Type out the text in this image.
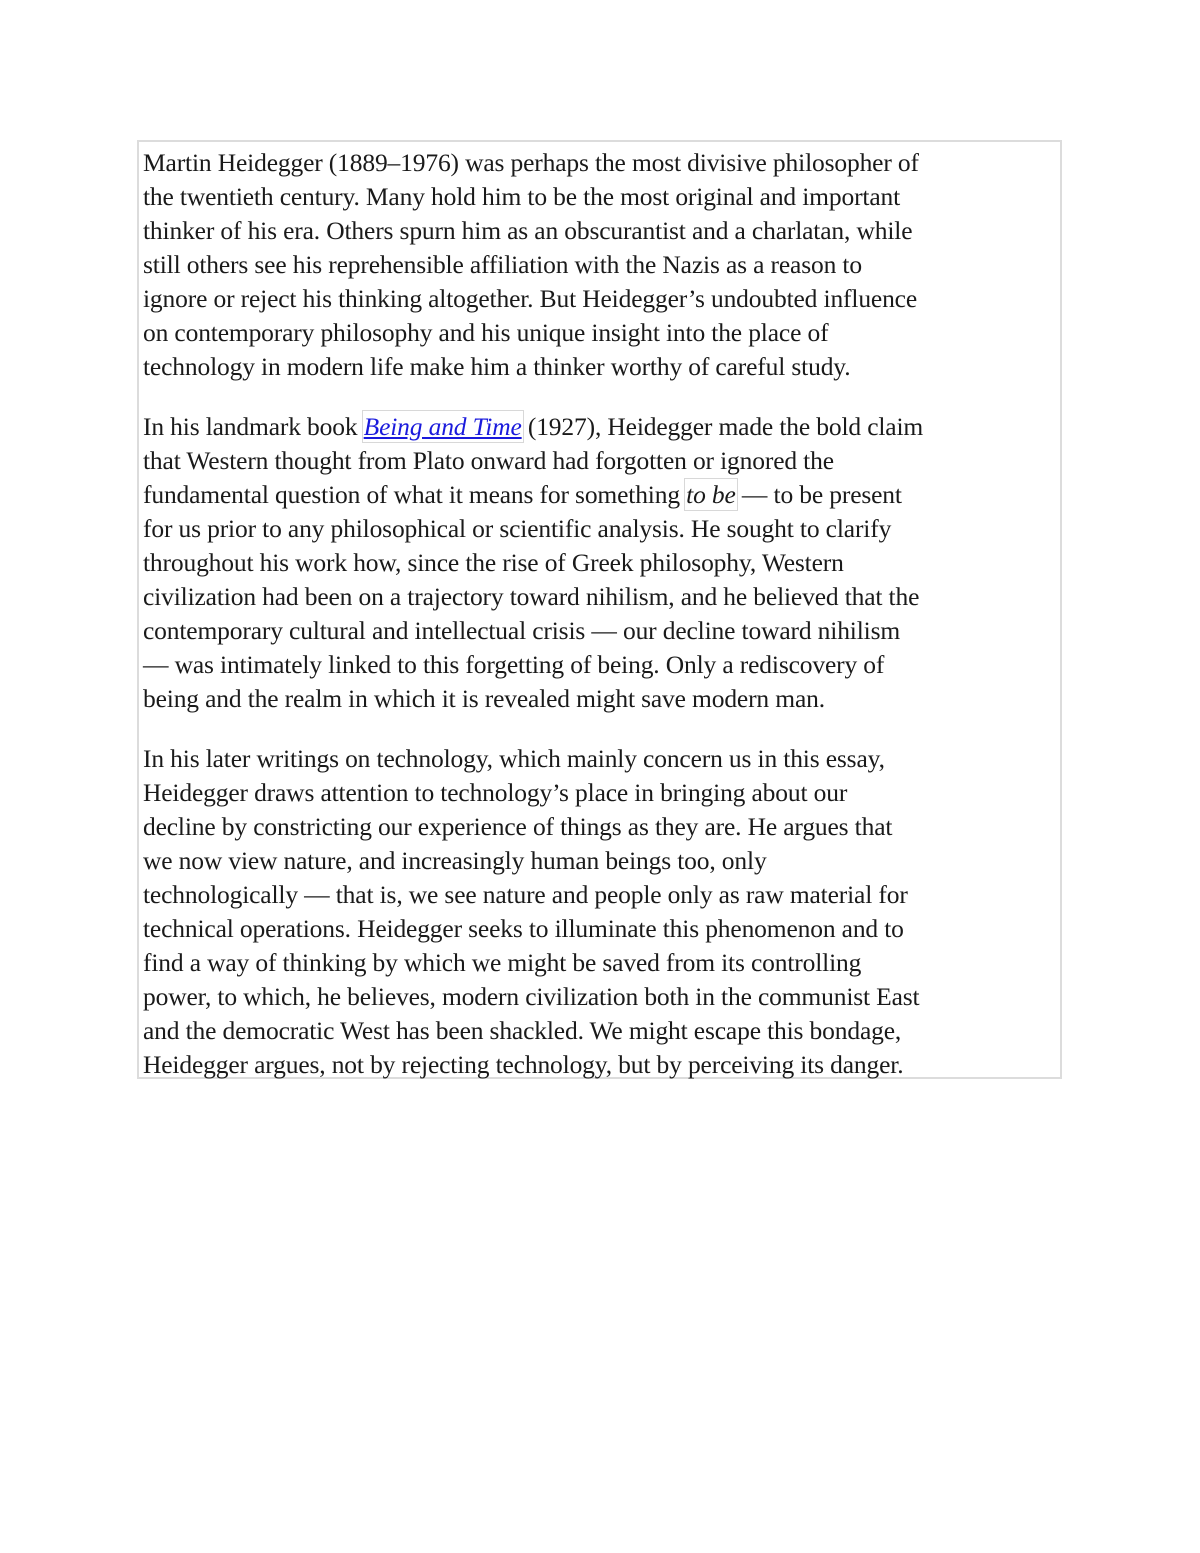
Martin Heidegger (1889–1976) was perhaps the most divisive philosopher of
the twentieth century. Many hold him to be the most original and important
thinker of his era. Others spurn him as an obscurantist and a charlatan, while
still others see his reprehensible affiliation with the Nazis as a reason to
ignore or reject his thinking altogether. But Heidegger’s undoubted influence
on contemporary philosophy and his unique insight into the place of
technology in modern life make him a thinker worthy of careful study.

In his landmark book Being and Time (1927), Heidegger made the bold claim
that Western thought from Plato onward had forgotten or ignored the
fundamental question of what it means for something to be — to be present
for us prior to any philosophical or scientific analysis. He sought to clarify
throughout his work how, since the rise of Greek philosophy, Western
civilization had been on a trajectory toward nihilism, and he believed that the
contemporary cultural and intellectual crisis — our decline toward nihilism
— was intimately linked to this forgetting of being. Only a rediscovery of
being and the realm in which it is revealed might save modern man.

In his later writings on technology, which mainly concern us in this essay,
Heidegger draws attention to technology’s place in bringing about our
decline by constricting our experience of things as they are. He argues that
we now view nature, and increasingly human beings too, only
technologically — that is, we see nature and people only as raw material for
technical operations. Heidegger seeks to illuminate this phenomenon and to
find a way of thinking by which we might be saved from its controlling
power, to which, he believes, modern civilization both in the communist East
and the democratic West has been shackled. We might escape this bondage,
Heidegger argues, not by rejecting technology, but by perceiving its danger.
